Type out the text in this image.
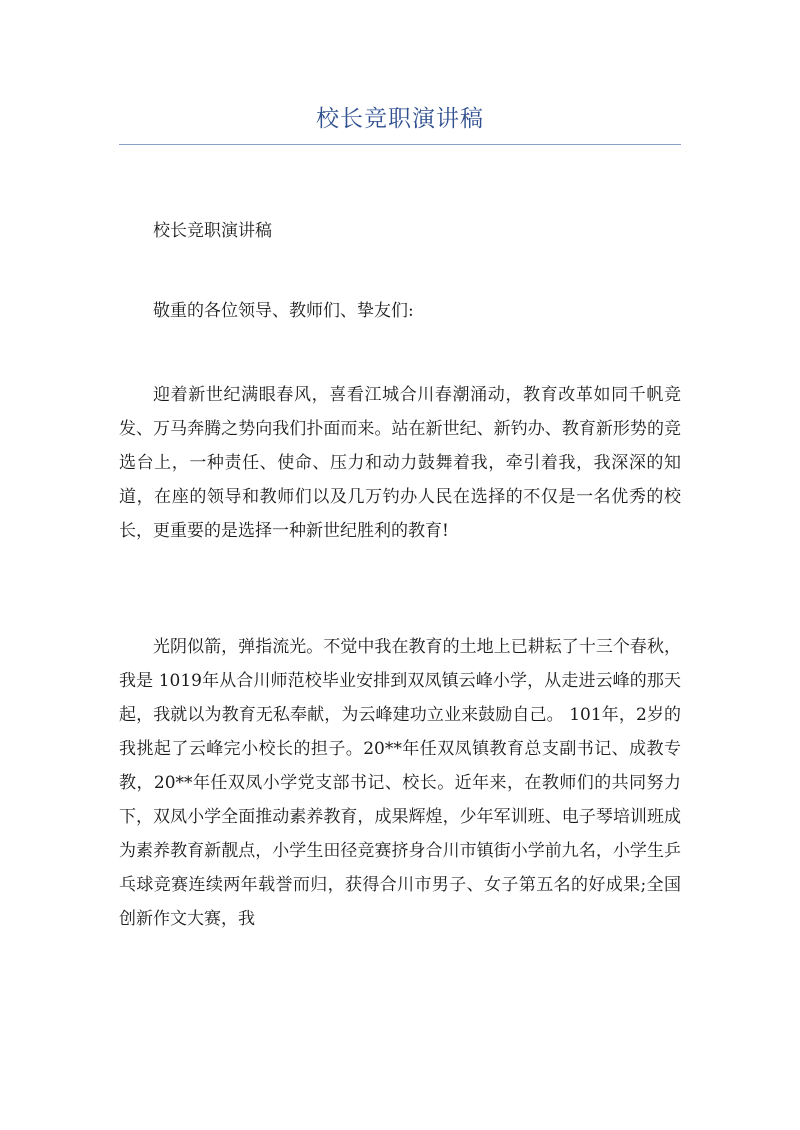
校长竞职演讲稿

校长竞职演讲稿

敬重的各位领导、教师们、挚友们:

迎着新世纪满眼春风，喜看江城合川春潮涌动，教育改革如同千帆竞发、万马奔腾之势向我们扑面而来。站在新世纪、新钓办、教育新形势的竞选台上，一种责任、使命、压力和动力鼓舞着我，牵引着我，我深深的知道，在座的领导和教师们以及几万钓办人民在选择的不仅是一名优秀的校长，更重要的是选择一种新世纪胜利的教育!

光阴似箭，弹指流光。不觉中我在教育的土地上已耕耘了十三个春秋，我是 1019年从合川师范校毕业安排到双凤镇云峰小学，从走进云峰的那天起，我就以为教育无私奉献，为云峰建功立业来鼓励自己。 101年，2岁的我挑起了云峰完小校长的担子。20**年任双凤镇教育总支副书记、成教专教，20**年任双凤小学党支部书记、校长。近年来，在教师们的共同努力下，双凤小学全面推动素养教育，成果辉煌，少年军训班、电子琴培训班成为素养教育新靓点，小学生田径竞赛挤身合川市镇街小学前九名，小学生乒乓球竞赛连续两年载誉而归，获得合川市男子、女子第五名的好成果;全国创新作文大赛，我
